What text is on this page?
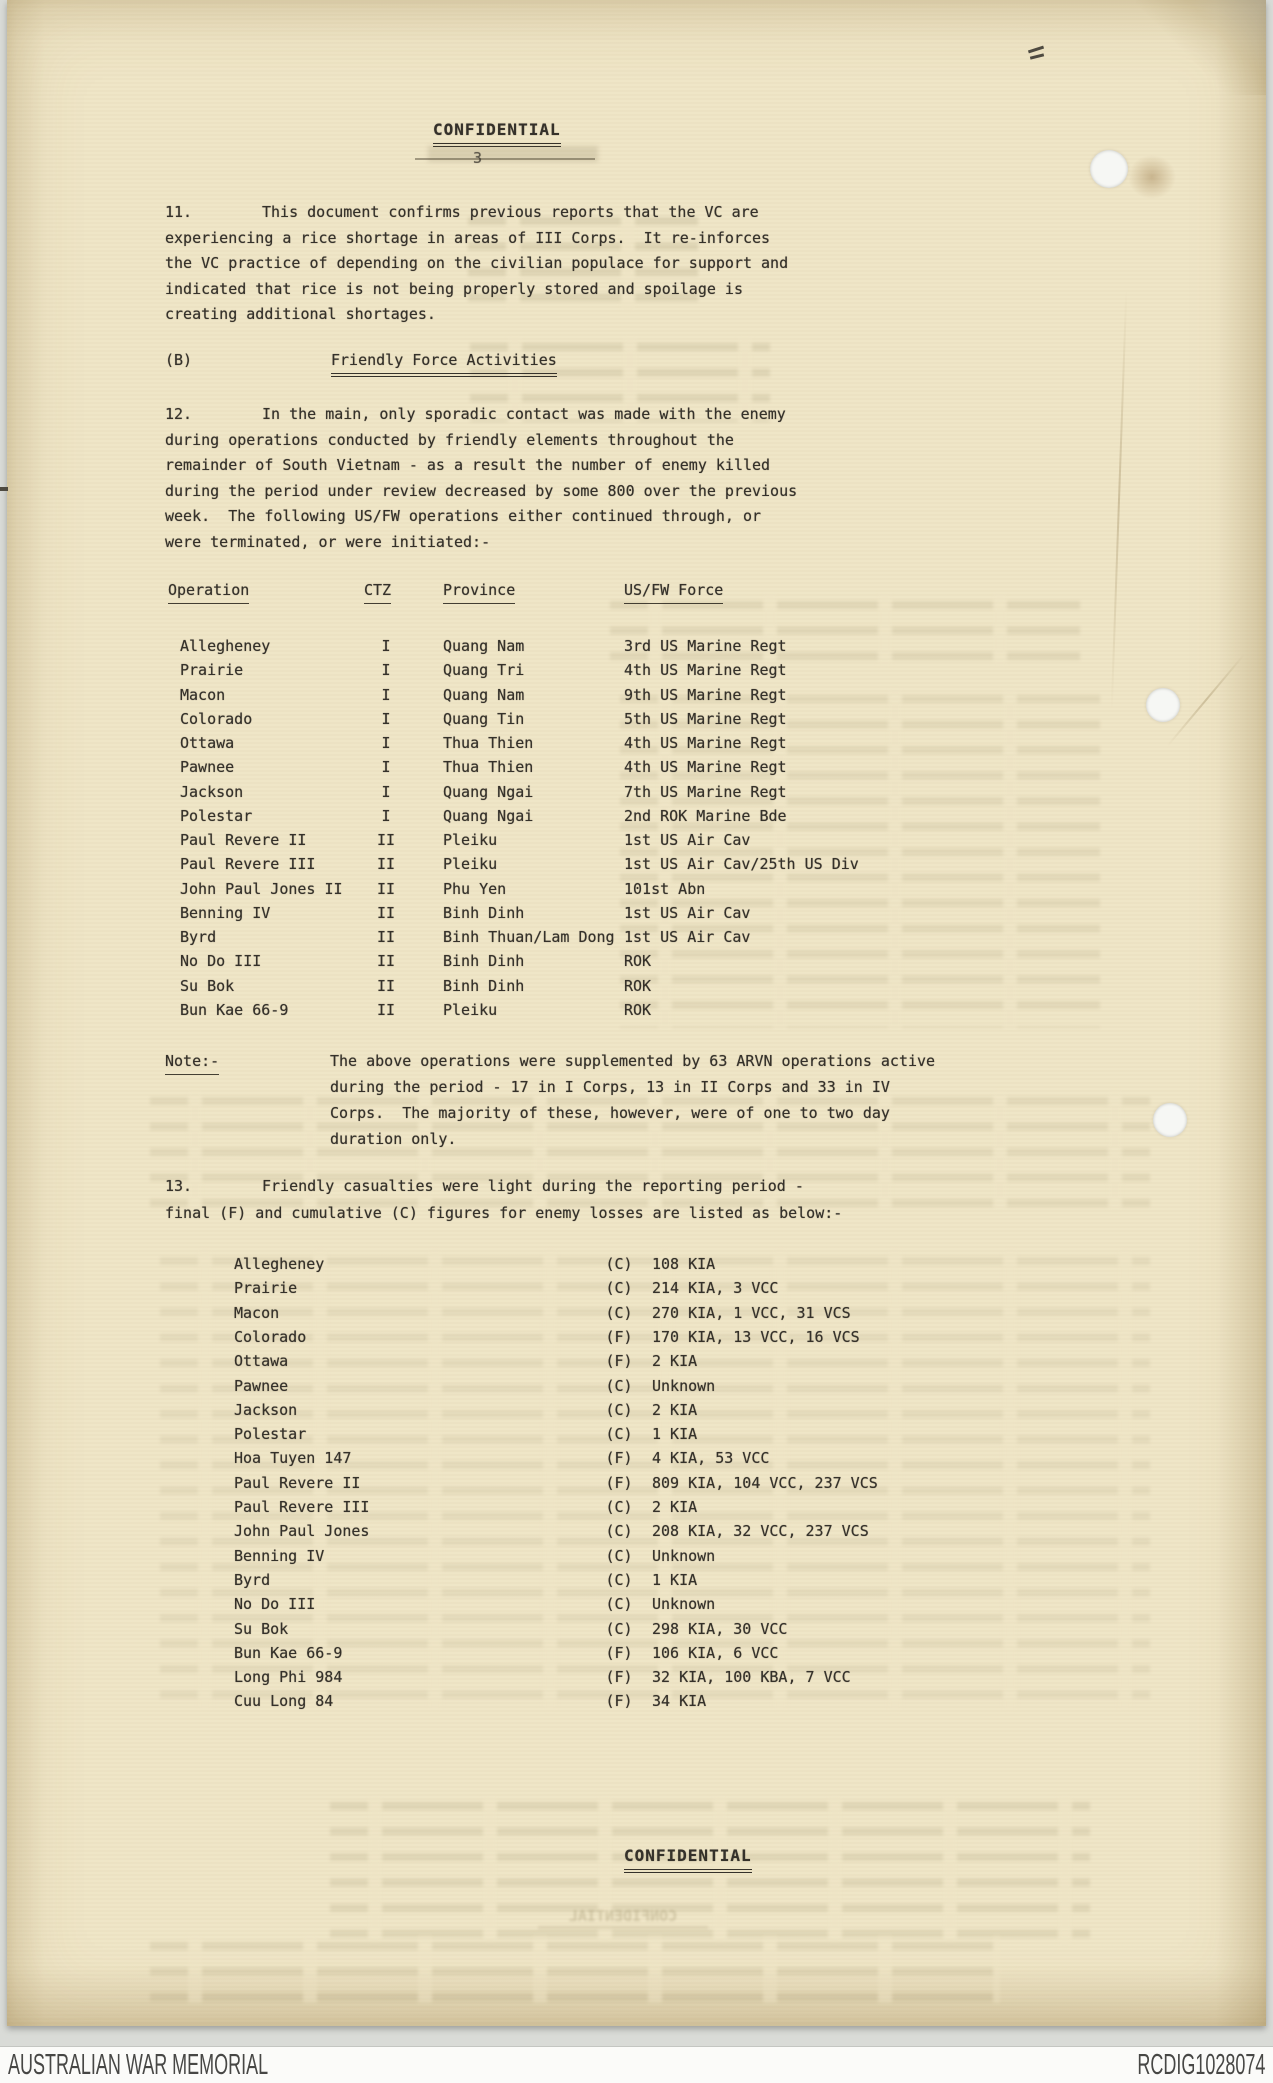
CONFIDENTIAL
3
11.	This document confirms previous reports that the VC are
experiencing a rice shortage in areas of III Corps.  It re-inforces
the VC practice of depending on the civilian populace for support and
indicated that rice is not being properly stored and spoilage is
creating additional shortages.
(B)	Friendly Force Activities
12.	In the main, only sporadic contact was made with the enemy
during operations conducted by friendly elements throughout the
remainder of South Vietnam - as a result the number of enemy killed
during the period under review decreased by some 800 over the previous
week.  The following US/FW operations either continued through, or
were terminated, or were initiated:-
Operation	CTZ	Province	US/FW Force
Allegheney	I	Quang Nam	3rd US Marine Regt
Prairie	I	Quang Tri	4th US Marine Regt
Macon	I	Quang Nam	9th US Marine Regt
Colorado	I	Quang Tin	5th US Marine Regt
Ottawa	I	Thua Thien	4th US Marine Regt
Pawnee	I	Thua Thien	4th US Marine Regt
Jackson	I	Quang Ngai	7th US Marine Regt
Polestar	I	Quang Ngai	2nd ROK Marine Bde
Paul Revere II	II	Pleiku	1st US Air Cav
Paul Revere III	II	Pleiku	1st US Air Cav/25th US Div
John Paul Jones II	II	Phu Yen	101st Abn
Benning IV	II	Binh Dinh	1st US Air Cav
Byrd	II	Binh Thuan/Lam Dong 1st US Air Cav
No Do III	II	Binh Dinh	ROK
Su Bok	II	Binh Dinh	ROK
Bun Kae 66-9	II	Pleiku	ROK
Note:-	The above operations were supplemented by 63 ARVN operations active
during the period - 17 in I Corps, 13 in II Corps and 33 in IV
Corps.  The majority of these, however, were of one to two day
duration only.
13.	Friendly casualties were light during the reporting period -
final (F) and cumulative (C) figures for enemy losses are listed as below:-
Allegheney	(C)	108 KIA
Prairie	(C)	214 KIA, 3 VCC
Macon	(C)	270 KIA, 1 VCC, 31 VCS
Colorado	(F)	170 KIA, 13 VCC, 16 VCS
Ottawa	(F)	2 KIA
Pawnee	(C)	Unknown
Jackson	(C)	2 KIA
Polestar	(C)	1 KIA
Hoa Tuyen 147	(F)	4 KIA, 53 VCC
Paul Revere II	(F)	809 KIA, 104 VCC, 237 VCS
Paul Revere III	(C)	2 KIA
John Paul Jones	(C)	208 KIA, 32 VCC, 237 VCS
Benning IV	(C)	Unknown
Byrd	(C)	1 KIA
No Do III	(C)	Unknown
Su Bok	(C)	298 KIA, 30 VCC
Bun Kae 66-9	(F)	106 KIA, 6 VCC
Long Phi 984	(F)	32 KIA, 100 KBA, 7 VCC
Cuu Long 84	(F)	34 KIA
CONFIDENTIAL
CONFIDENTIAL
AUSTRALIAN WAR MEMORIAL	RCDIG1028074
